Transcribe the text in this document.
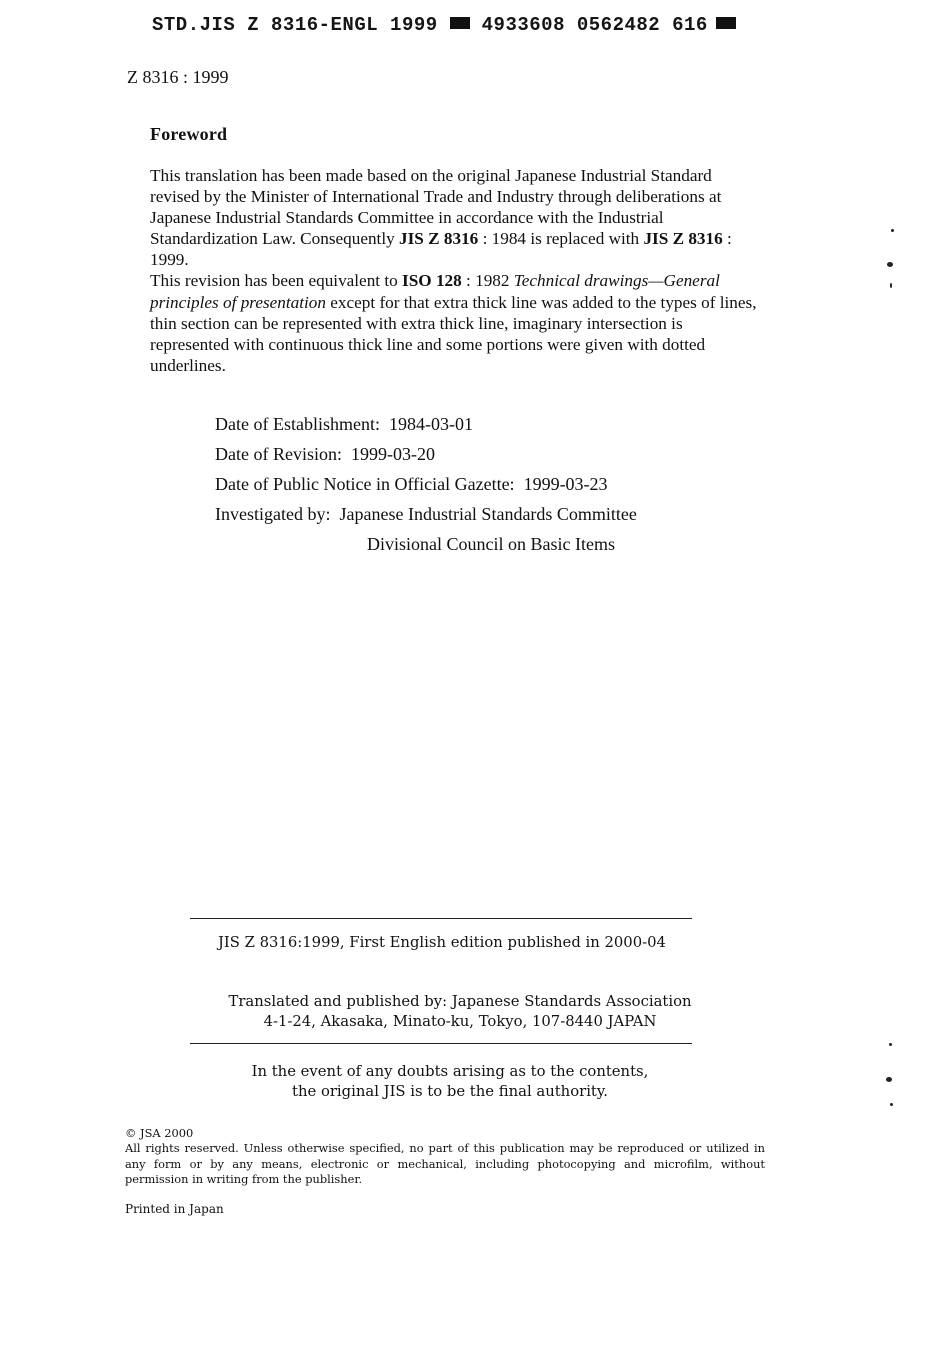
STD.JIS Z 8316-ENGL 1999 4933608 0562482 616
Z 8316 : 1999
Foreword

This translation has been made based on the original Japanese Industrial Standard revised by the Minister of International Trade and Industry through deliberations at Japanese Industrial Standards Committee in accordance with the Industrial Standardization Law. Consequently JIS Z 8316 : 1984 is replaced with JIS Z 8316 : 1999.

This revision has been equivalent to ISO 128 : 1982 Technical drawings—General principles of presentation except for that extra thick line was added to the types of lines, thin section can be represented with extra thick line, imaginary intersection is represented with continuous thick line and some portions were given with dotted underlines.

Date of Establishment: 1984-03-01
Date of Revision: 1999-03-20
Date of Public Notice in Official Gazette: 1999-03-23
Investigated by: Japanese Industrial Standards Committee
Divisional Council on Basic Items
JIS Z 8316:1999, First English edition published in 2000-04
Translated and published by: Japanese Standards Association
4-1-24, Akasaka, Minato-ku, Tokyo, 107-8440 JAPAN
In the event of any doubts arising as to the contents,
the original JIS is to be the final authority.

© JSA 2000

All rights reserved. Unless otherwise specified, no part of this publication may be reproduced or utilized in any form or by any means, electronic or mechanical, including photocopying and microfilm, without permission in writing from the publisher.

Printed in Japan
